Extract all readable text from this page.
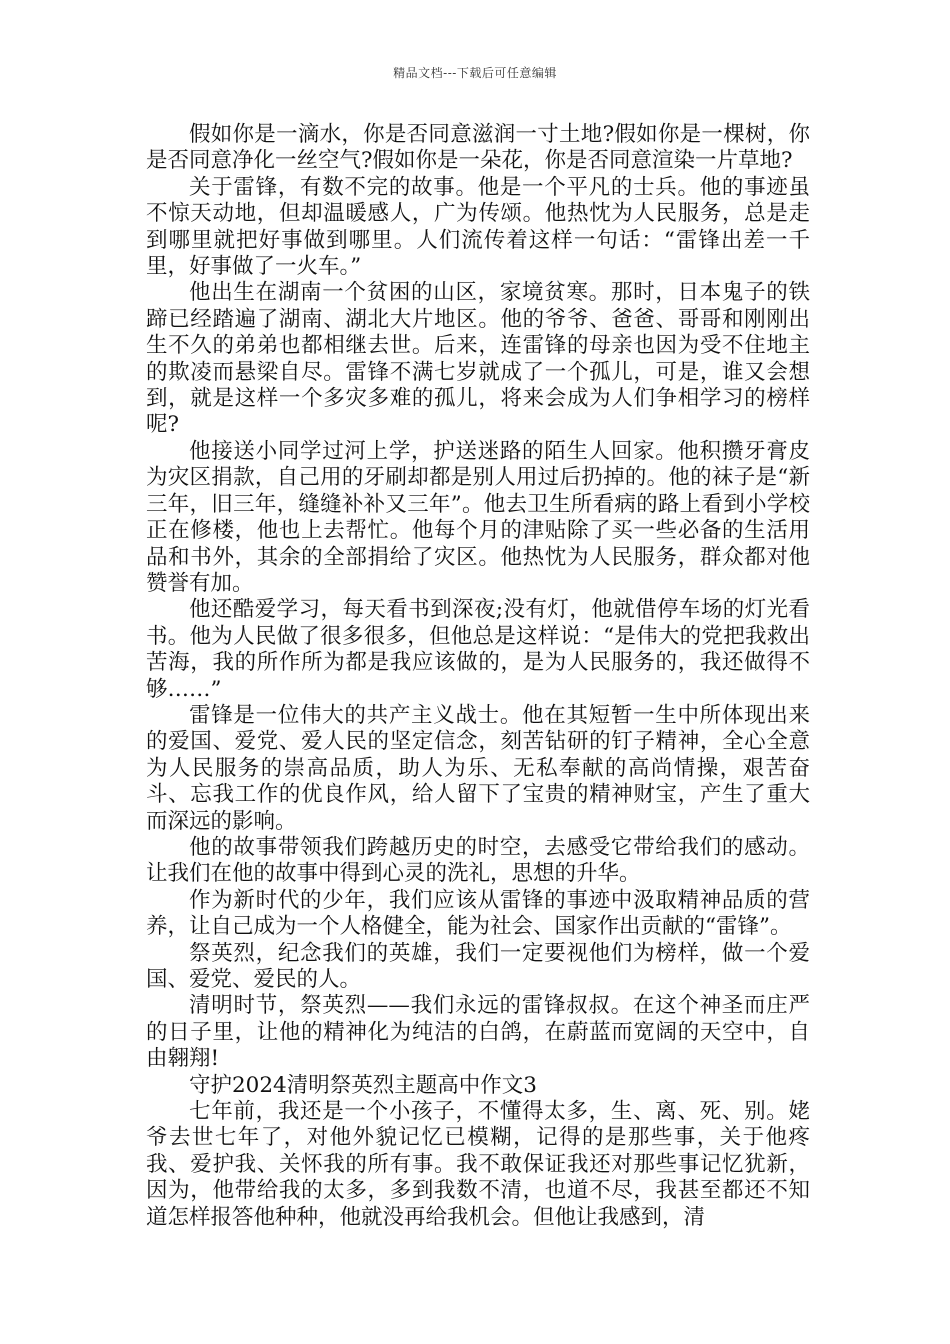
精品文档---下载后可任意编辑

假如你是一滴水，你是否同意滋润一寸土地?假如你是一棵树，你是否同意净化一丝空气?假如你是一朵花，你是否同意渲染一片草地?

关于雷锋，有数不完的故事。他是一个平凡的士兵。他的事迹虽不惊天动地，但却温暖感人，广为传颂。他热忱为人民服务，总是走到哪里就把好事做到哪里。人们流传着这样一句话：“雷锋出差一千里，好事做了一火车。”

他出生在湖南一个贫困的山区，家境贫寒。那时，日本鬼子的铁蹄已经踏遍了湖南、湖北大片地区。他的爷爷、爸爸、哥哥和刚刚出生不久的弟弟也都相继去世。后来，连雷锋的母亲也因为受不住地主的欺凌而悬梁自尽。雷锋不满七岁就成了一个孤儿，可是，谁又会想到，就是这样一个多灾多难的孤儿，将来会成为人们争相学习的榜样呢?

他接送小同学过河上学，护送迷路的陌生人回家。他积攒牙膏皮为灾区捐款，自己用的牙刷却都是别人用过后扔掉的。他的袜子是“新三年，旧三年，缝缝补补又三年”。他去卫生所看病的路上看到小学校正在修楼，他也上去帮忙。他每个月的津贴除了买一些必备的生活用品和书外，其余的全部捐给了灾区。他热忱为人民服务，群众都对他赞誉有加。

他还酷爱学习，每天看书到深夜;没有灯，他就借停车场的灯光看书。他为人民做了很多很多，但他总是这样说：“是伟大的党把我救出苦海，我的所作所为都是我应该做的，是为人民服务的，我还做得不够……”

雷锋是一位伟大的共产主义战士。他在其短暂一生中所体现出来的爱国、爱党、爱人民的坚定信念，刻苦钻研的钉子精神，全心全意为人民服务的崇高品质，助人为乐、无私奉献的高尚情操，艰苦奋斗、忘我工作的优良作风，给人留下了宝贵的精神财宝，产生了重大而深远的影响。

他的故事带领我们跨越历史的时空，去感受它带给我们的感动。让我们在他的故事中得到心灵的洗礼，思想的升华。

作为新时代的少年，我们应该从雷锋的事迹中汲取精神品质的营养，让自己成为一个人格健全，能为社会、国家作出贡献的“雷锋”。

祭英烈，纪念我们的英雄，我们一定要视他们为榜样，做一个爱国、爱党、爱民的人。

清明时节，祭英烈——我们永远的雷锋叔叔。在这个神圣而庄严的日子里，让他的精神化为纯洁的白鸽，在蔚蓝而宽阔的天空中，自由翱翔!

守护2024清明祭英烈主题高中作文3

七年前，我还是一个小孩子，不懂得太多，生、离、死、别。姥爷去世七年了，对他外貌记忆已模糊，记得的是那些事，关于他疼我、爱护我、关怀我的所有事。我不敢保证我还对那些事记忆犹新，因为，他带给我的太多，多到我数不清，也道不尽，我甚至都还不知道怎样报答他种种，他就没再给我机会。但他让我感到，清
